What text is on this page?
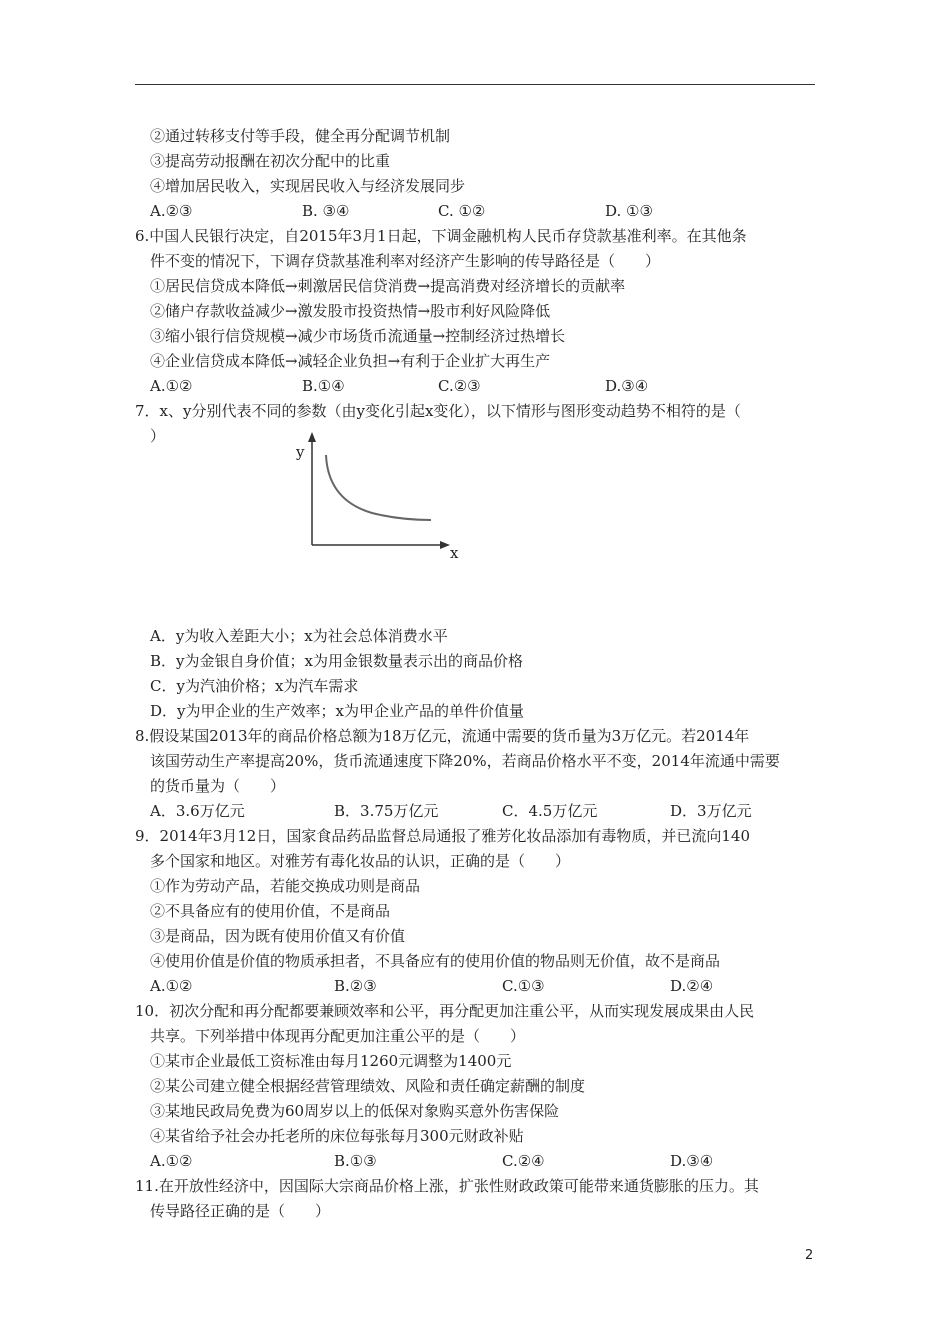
②通过转移支付等手段，健全再分配调节机制
③提高劳动报酬在初次分配中的比重
④增加居民收入，实现居民收入与经济发展同步
A.②③	B. ③④	C. ①②	D. ①③
6.中国人民银行决定，自2015年3月1日起，下调金融机构人民币存贷款基准利率。在其他条
件不变的情况下，下调存贷款基准利率对经济产生影响的传导路径是（　　）
①居民信贷成本降低→刺激居民信贷消费→提高消费对经济增长的贡献率
②储户存款收益减少→激发股市投资热情→股市利好风险降低
③缩小银行信贷规模→减少市场货币流通量→控制经济过热增长
④企业信贷成本降低→减轻企业负担→有利于企业扩大再生产
A.①②	B.①④	C.②③	D.③④
7．x、y分别代表不同的参数（由y变化引起x变化），以下情形与图形变动趋势不相符的是（
）
y
x
A．y为收入差距大小；x为社会总体消费水平
B．y为金银自身价值；x为用金银数量表示出的商品价格
C．y为汽油价格；x为汽车需求
D．y为甲企业的生产效率；x为甲企业产品的单件价值量
8.假设某国2013年的商品价格总额为18万亿元，流通中需要的货币量为3万亿元。若2014年
该国劳动生产率提高20%，货币流通速度下降20%，若商品价格水平不变，2014年流通中需要
的货币量为（　　）
A．3.6万亿元	B．3.75万亿元	C．4.5万亿元	D．3万亿元
9．2014年3月12日，国家食品药品监督总局通报了雅芳化妆品添加有毒物质，并已流向140
多个国家和地区。对雅芳有毒化妆品的认识，正确的是（　　）
①作为劳动产品，若能交换成功则是商品
②不具备应有的使用价值，不是商品
③是商品，因为既有使用价值又有价值
④使用价值是价值的物质承担者，不具备应有的使用价值的物品则无价值，故不是商品
A.①②	B.②③	C.①③	D.②④
10．初次分配和再分配都要兼顾效率和公平，再分配更加注重公平，从而实现发展成果由人民
共享。下列举措中体现再分配更加注重公平的是（　　）
①某市企业最低工资标准由每月1260元调整为1400元
②某公司建立健全根据经营管理绩效、风险和责任确定薪酬的制度
③某地民政局免费为60周岁以上的低保对象购买意外伤害保险
④某省给予社会办托老所的床位每张每月300元财政补贴
A.①②	B.①③	C.②④	D.③④
11.在开放性经济中，因国际大宗商品价格上涨，扩张性财政政策可能带来通货膨胀的压力。其
传导路径正确的是（　　）
2
